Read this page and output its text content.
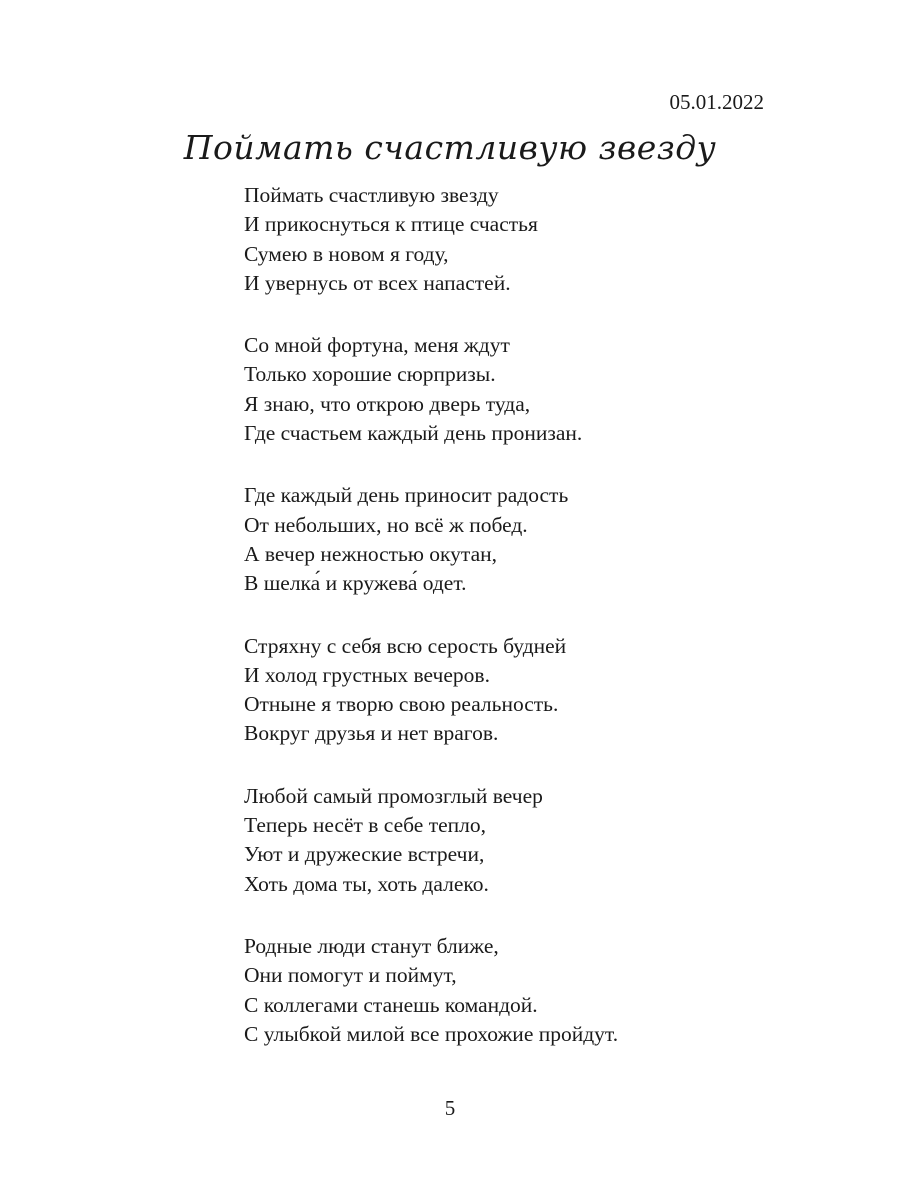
05.01.2022
Поймать счастливую звезду
Поймать счастливую звезду
И прикоснуться к птице счастья
Сумею в новом я году,
И увернусь от всех напастей.
Со мной фортуна, меня ждут
Только хорошие сюрпризы.
Я знаю, что открою дверь туда,
Где счастьем каждый день пронизан.
Где каждый день приносит радость
От небольших, но всё ж побед.
А вечер нежностью окутан,
В шелка́ и кружева́ одет.
Стряхну с себя всю серость будней
И холод грустных вечеров.
Отныне я творю свою реальность.
Вокруг друзья и нет врагов.
Любой самый промозглый вечер
Теперь несёт в себе тепло,
Уют и дружеские встречи,
Хоть дома ты, хоть далеко.
Родные люди станут ближе,
Они помогут и поймут,
С коллегами станешь командой.
С улыбкой милой все прохожие пройдут.
5
